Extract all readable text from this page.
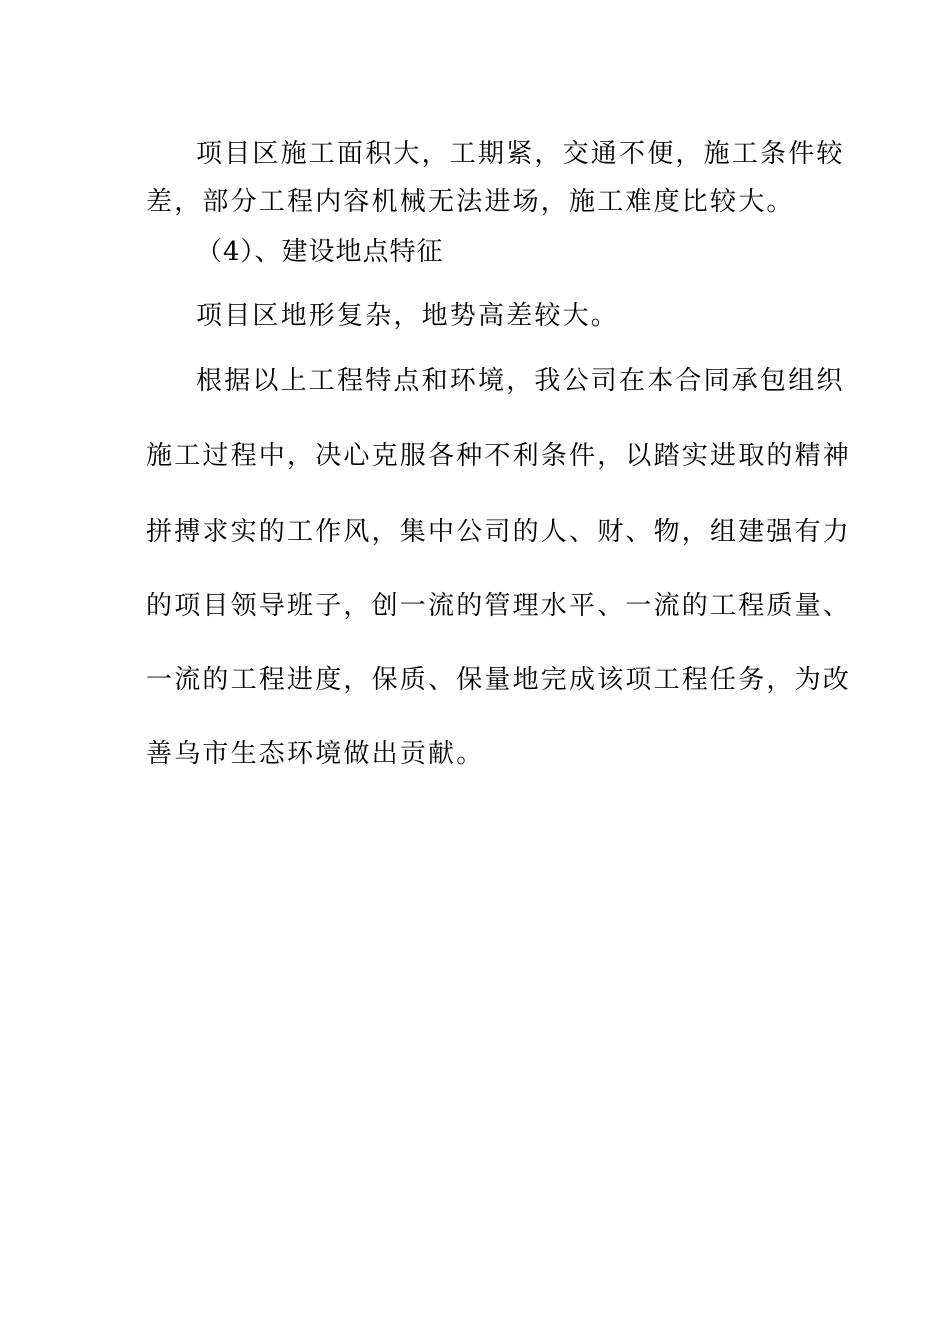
项目区施工面积大，工期紧，交通不便，施工条件较
差，部分工程内容机械无法进场，施工难度比较大。
（4）、建设地点特征
项目区地形复杂，地势高差较大。
根据以上工程特点和环境，我公司在本合同承包组织
施工过程中，决心克服各种不利条件，以踏实进取的精神
拼搏求实的工作风，集中公司的人、财、物，组建强有力
的项目领导班子，创一流的管理水平、一流的工程质量、
一流的工程进度，保质、保量地完成该项工程任务，为改
善乌市生态环境做出贡献。
